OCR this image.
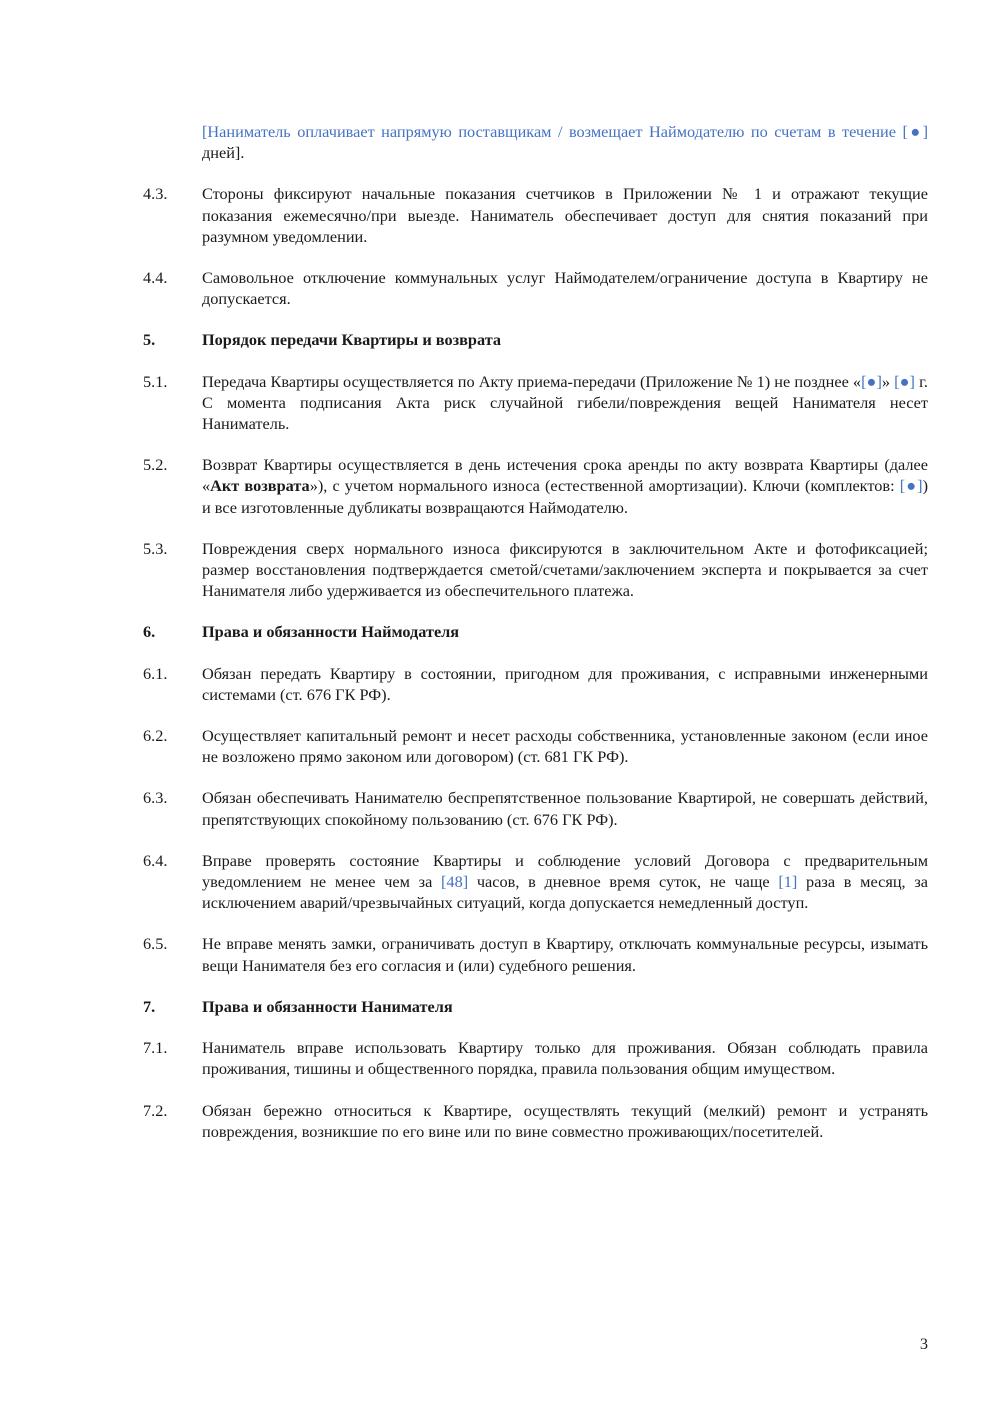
[Наниматель оплачивает напрямую поставщикам / возмещает Наймодателю по счетам в течение [●] дней].
4.3.	Стороны фиксируют начальные показания счетчиков в Приложении № 1 и отражают текущие показания ежемесячно/при выезде. Наниматель обеспечивает доступ для снятия показаний при разумном уведомлении.
4.4.	Самовольное отключение коммунальных услуг Наймодателем/ограничение доступа в Квартиру не допускается.
5.	Порядок передачи Квартиры и возврата
5.1.	Передача Квартиры осуществляется по Акту приема-передачи (Приложение № 1) не позднее «[●]» [●] г. С момента подписания Акта риск случайной гибели/повреждения вещей Нанимателя несет Наниматель.
5.2.	Возврат Квартиры осуществляется в день истечения срока аренды по акту возврата Квартиры (далее «Акт возврата»), с учетом нормального износа (естественной амортизации). Ключи (комплектов: [●]) и все изготовленные дубликаты возвращаются Наймодателю.
5.3.	Повреждения сверх нормального износа фиксируются в заключительном Акте и фотофиксацией; размер восстановления подтверждается сметой/счетами/заключением эксперта и покрывается за счет Нанимателя либо удерживается из обеспечительного платежа.
6.	Права и обязанности Наймодателя
6.1.	Обязан передать Квартиру в состоянии, пригодном для проживания, с исправными инженерными системами (ст. 676 ГК РФ).
6.2.	Осуществляет капитальный ремонт и несет расходы собственника, установленные законом (если иное не возложено прямо законом или договором) (ст. 681 ГК РФ).
6.3.	Обязан обеспечивать Нанимателю беспрепятственное пользование Квартирой, не совершать действий, препятствующих спокойному пользованию (ст. 676 ГК РФ).
6.4.	Вправе проверять состояние Квартиры и соблюдение условий Договора с предварительным уведомлением не менее чем за [48] часов, в дневное время суток, не чаще [1] раза в месяц, за исключением аварий/чрезвычайных ситуаций, когда допускается немедленный доступ.
6.5.	Не вправе менять замки, ограничивать доступ в Квартиру, отключать коммунальные ресурсы, изымать вещи Нанимателя без его согласия и (или) судебного решения.
7.	Права и обязанности Нанимателя
7.1.	Наниматель вправе использовать Квартиру только для проживания. Обязан соблюдать правила проживания, тишины и общественного порядка, правила пользования общим имуществом.
7.2.	Обязан бережно относиться к Квартире, осуществлять текущий (мелкий) ремонт и устранять повреждения, возникшие по его вине или по вине совместно проживающих/посетителей.
3
